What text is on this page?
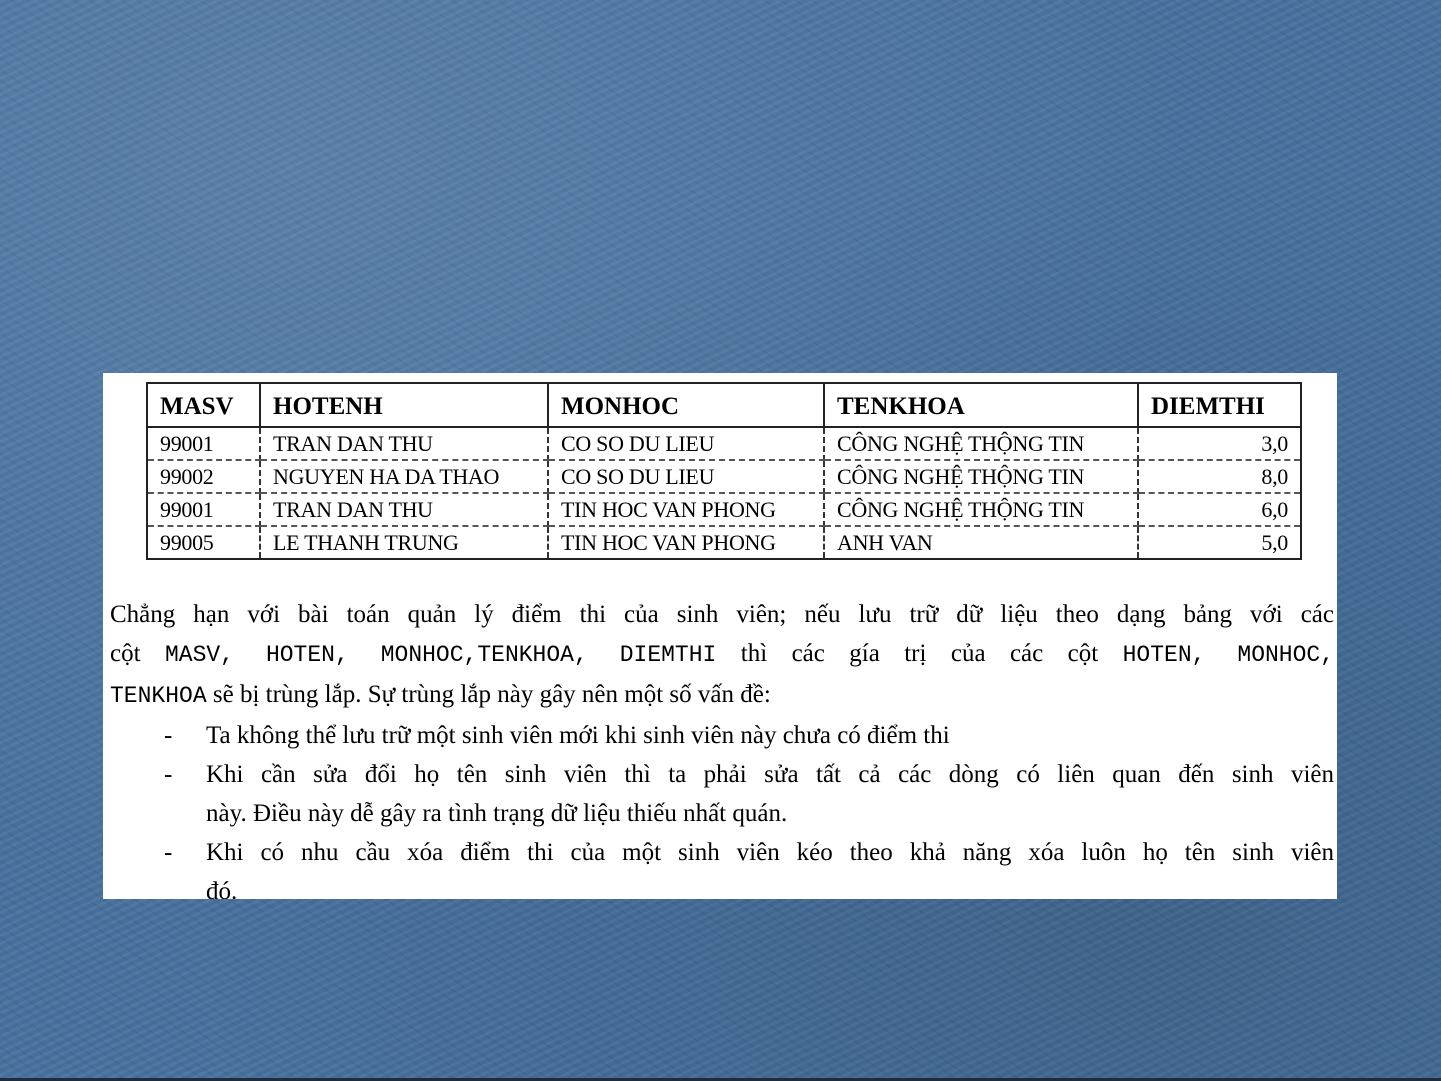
MASV	HOTENH	MONHOC	TENKHOA	DIEMTHI
99001	TRAN DAN THU	CO SO DU LIEU	CÔNG NGHỆ THỘNG TIN	3,0
99002	NGUYEN HA DA THAO	CO SO DU LIEU	CÔNG NGHỆ THỘNG TIN	8,0
99001	TRAN DAN THU	TIN HOC VAN PHONG	CÔNG NGHỆ THỘNG TIN	6,0
99005	LE THANH TRUNG	TIN HOC VAN PHONG	ANH VAN	5,0

Chẳng hạn với bài toán quản lý điểm thi của sinh viên; nếu lưu trữ dữ liệu theo dạng bảng với các
cột MASV, HOTEN, MONHOC,TENKHOA, DIEMTHI thì các gía trị của các cột HOTEN, MONHOC,
TENKHOA sẽ bị trùng lắp. Sự trùng lắp này gây nên một số vấn đề:

- Ta không thể lưu trữ một sinh viên mới khi sinh viên này chưa có điểm thi
- Khi cần sửa đổi họ tên sinh viên thì ta phải sửa tất cả các dòng có liên quan đến sinh viên
này. Điều này dễ gây ra tình trạng dữ liệu thiếu nhất quán.
- Khi có nhu cầu xóa điểm thi của một sinh viên kéo theo khả năng xóa luôn họ tên sinh viên
đó.
